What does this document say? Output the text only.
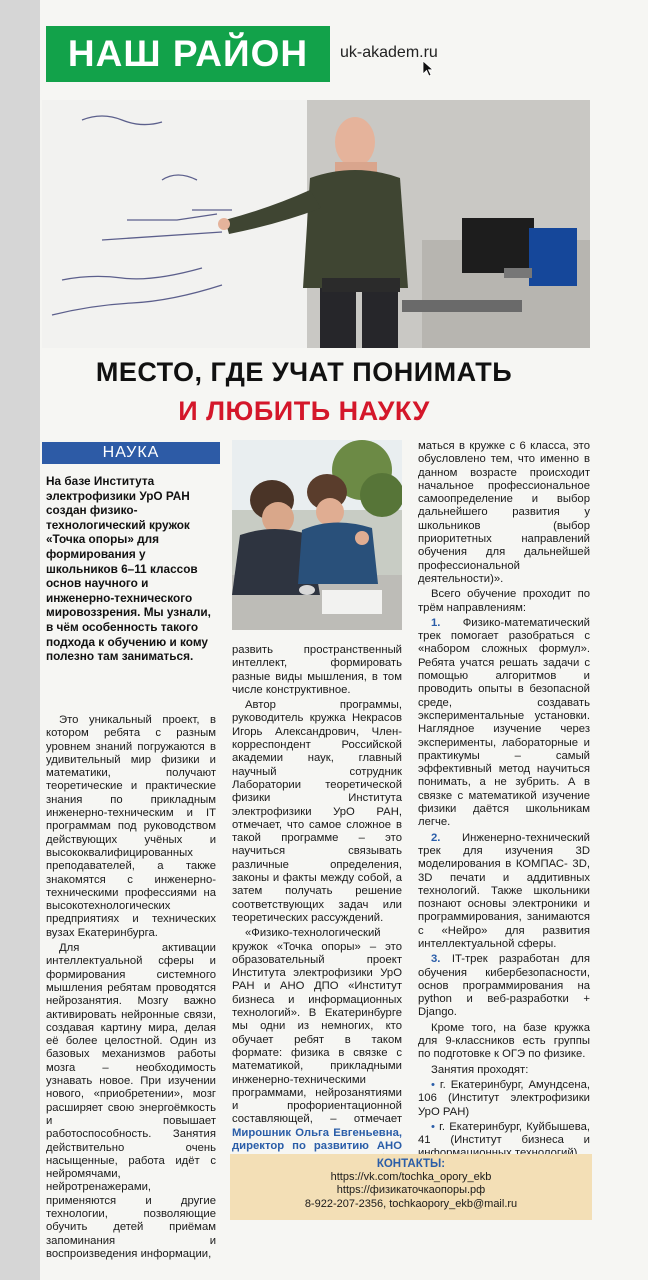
НАШ РАЙОН	uk-akadem.ru
МЕСТО, ГДЕ УЧАТ ПОНИМАТЬ
И ЛЮБИТЬ НАУКУ
НАУКА
На базе Института электрофизики УрО РАН создан физико-технологический кружок «Точка опоры» для формирования у школьников 6–11 классов основ научного и инженерно-технического мировоззрения. Мы узнали, в чём особенность такого подхода к обучению и кому полезно там заниматься.

Это уникальный проект, в котором ребята с разным уровнем знаний погружаются в удивительный мир физики и математики, получают теоретические и практические знания по прикладным инженерно-техническим и IT программам под руководством действующих учёных и высококвалифицированных преподавателей, а также знакомятся с инженерно-техническими профессиями на высокотехнологических предприятиях и технических вузах Екатеринбурга.

Для активации интеллектуальной сферы и формирования системного мышления ребятам проводятся нейрозанятия. Мозгу важно активировать нейронные связи, создавая картину мира, делая её более целостной. Один из базовых механизмов работы мозга – необходимость узнавать новое. При изучении нового, «приобретении», мозг расширяет свою энергоёмкость и повышает работоспособность. Занятия действительно очень насыщенные, работа идёт с нейромячами, нейротренажерами, применяются и другие технологии, позволяющие обучить детей приёмам запоминания и воспроизведения информации,

развить пространственный интеллект, формировать разные виды мышления, в том числе конструктивное.

Автор программы, руководитель кружка Некрасов Игорь Александрович, Член-корреспондент Российской академии наук, главный научный сотрудник Лаборатории теоретической физики Института электрофизики УрО РАН, отмечает, что самое сложное в такой программе – это научиться связывать различные определения, законы и факты между собой, а затем получать решение соответствующих задач или теоретических рассуждений.

«Физико-технологический кружок «Точка опоры» – это образовательный проект Института электрофизики УрО РАН и АНО ДПО «Институт бизнеса и информационных технологий». В Екатеринбурге мы одни из немногих, кто обучает ребят в таком формате: физика в связке с математикой, прикладными инженерно-техническими программами, нейрозанятиями и профориентационной составляющей, – отмечает Мирошник Ольга Евгеньевна, директор по развитию АНО

маться в кружке с 6 класса, это обусловлено тем, что именно в данном возрасте происходит начальное профессиональное самоопределение и выбор дальнейшего развития у школьников (выбор приоритетных направлений обучения для дальнейшей профессиональной деятельности)».

Всего обучение проходит по трём направлениям:

1. Физико-математический трек помогает разобраться с «набором сложных формул». Ребята учатся решать задачи с помощью алгоритмов и проводить опыты в безопасной среде, создавать экспериментальные установки. Наглядное изучение через эксперименты, лабораторные и практикумы – самый эффективный метод научиться понимать, а не зубрить. А в связке с математикой изучение физики даётся школьникам легче.

2. Инженерно-технический трек для изучения 3D моделирования в КОМПАС- 3D, 3D печати и аддитивных технологий. Также школьники познают основы электроники и программирования, занимаются с «Нейро» для развития интеллектуальной сферы.

3. IT-трек разработан для обучения кибербезопасности, основ программирования на python и веб-разработки + Django.

Кроме того, на базе кружка для 9-классников есть группы по подготовке к ОГЭ по физике.

Занятия проходят:

• г. Екатеринбург, Амундсена, 106 (Институт электрофизики УрО РАН)

• г. Екатеринбург, Куйбышева, 41 (Институт бизнеса и

КОНТАКТЫ:
https://vk.com/tochka_opory_ekb
https://физикаточкаопоры.рф
8-922-207-2356, tochkaopory_ekb@mail.ru
